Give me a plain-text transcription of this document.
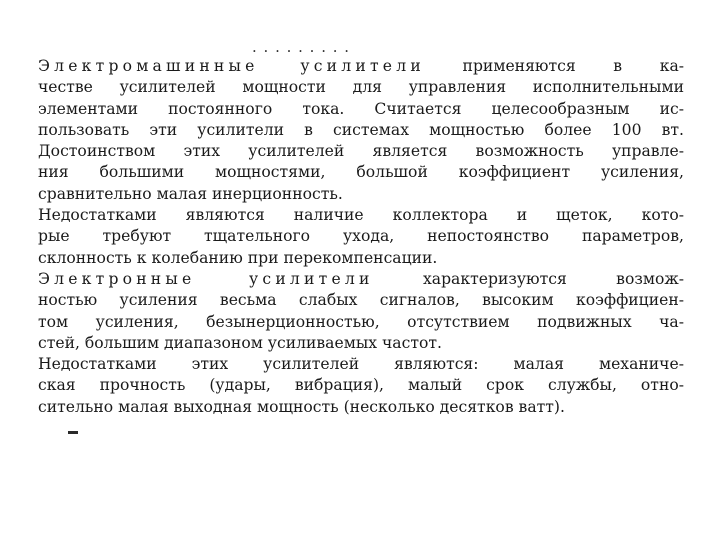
· · · · · · · · ·
Электромашинные усилители применяются в ка-
честве усилителей мощности для управления исполнительными
элементами постоянного тока. Считается целесообразным ис-
пользовать эти усилители в системах мощностью более 100 вт.
Достоинством этих усилителей является возможность управле-
ния большими мощностями, большой коэффициент усиления,
сравнительно малая инерционность.
Недостатками являются наличие коллектора и щеток, кото-
рые требуют тщательного ухода, непостоянство параметров,
склонность к колебанию при перекомпенсации.
Электронные усилители характеризуются возмож-
ностью усиления весьма слабых сигналов, высоким коэффициен-
том усиления, безынерционностью, отсутствием подвижных ча-
стей, большим диапазоном усиливаемых частот.
Недостатками этих усилителей являются: малая механиче-
ская прочность (удары, вибрация), малый срок службы, отно-
сительно малая выходная мощность (несколько десятков ватт).
